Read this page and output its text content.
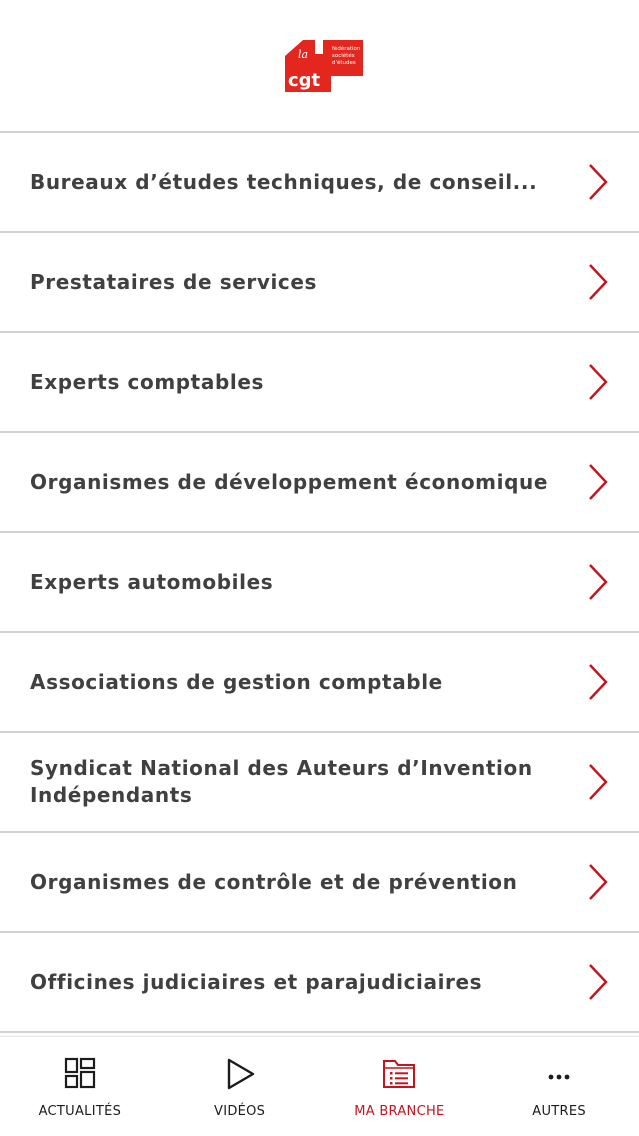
la
cgt
fédération
sociétés
d'études
Bureaux d’études techniques, de conseil...
Prestataires de services
Experts comptables
Organismes de développement économique
Experts automobiles
Associations de gestion comptable
Syndicat National des Auteurs d’Invention Indépendants
Organismes de contrôle et de prévention
Officines judiciaires et parajudiciaires
ACTUALITÉS	VIDÉOS	MA BRANCHE	AUTRES
